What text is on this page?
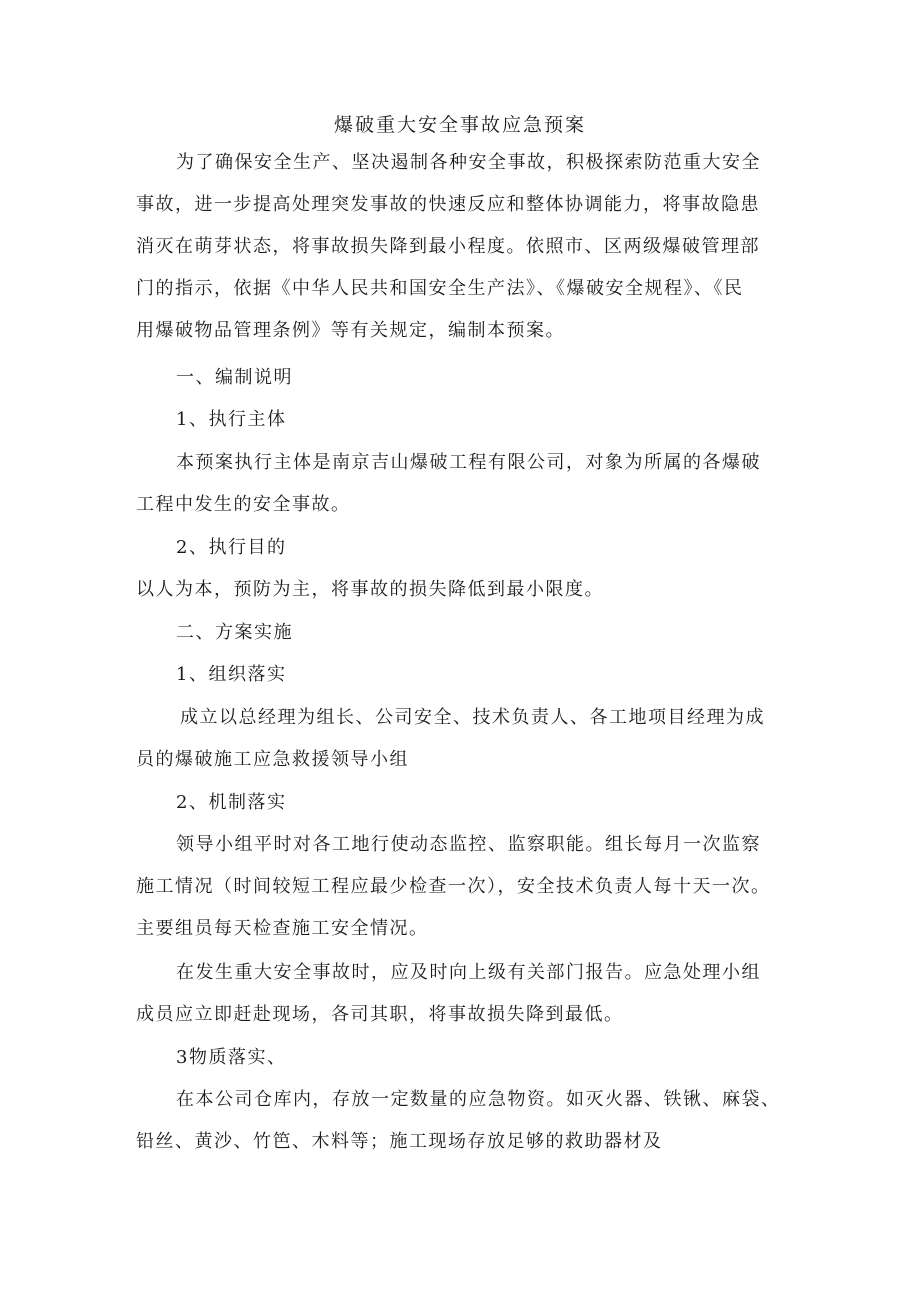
爆破重大安全事故应急预案
为了确保安全生产、坚决遏制各种安全事故，积极探索防范重大安全
事故，进一步提高处理突发事故的快速反应和整体协调能力，将事故隐患
消灭在萌芽状态，将事故损失降到最小程度。依照市、区两级爆破管理部
门的指示，依据《中华人民共和国安全生产法》、《爆破安全规程》、《民
用爆破物品管理条例》等有关规定，编制本预案。
一、编制说明
1、执行主体
本预案执行主体是南京吉山爆破工程有限公司，对象为所属的各爆破
工程中发生的安全事故。
2、执行目的
以人为本，预防为主，将事故的损失降低到最小限度。
二、方案实施
1、组织落实
成立以总经理为组长、公司安全、技术负责人、各工地项目经理为成
员的爆破施工应急救援领导小组
2、机制落实
领导小组平时对各工地行使动态监控、监察职能。组长每月一次监察
施工情况（时间较短工程应最少检查一次），安全技术负责人每十天一次。
主要组员每天检查施工安全情况。
在发生重大安全事故时，应及时向上级有关部门报告。应急处理小组
成员应立即赶赴现场，各司其职，将事故损失降到最低。
3物质落实、
在本公司仓库内，存放一定数量的应急物资。如灭火器、铁锹、麻袋、
铅丝、黄沙、竹笆、木料等；施工现场存放足够的救助器材及
